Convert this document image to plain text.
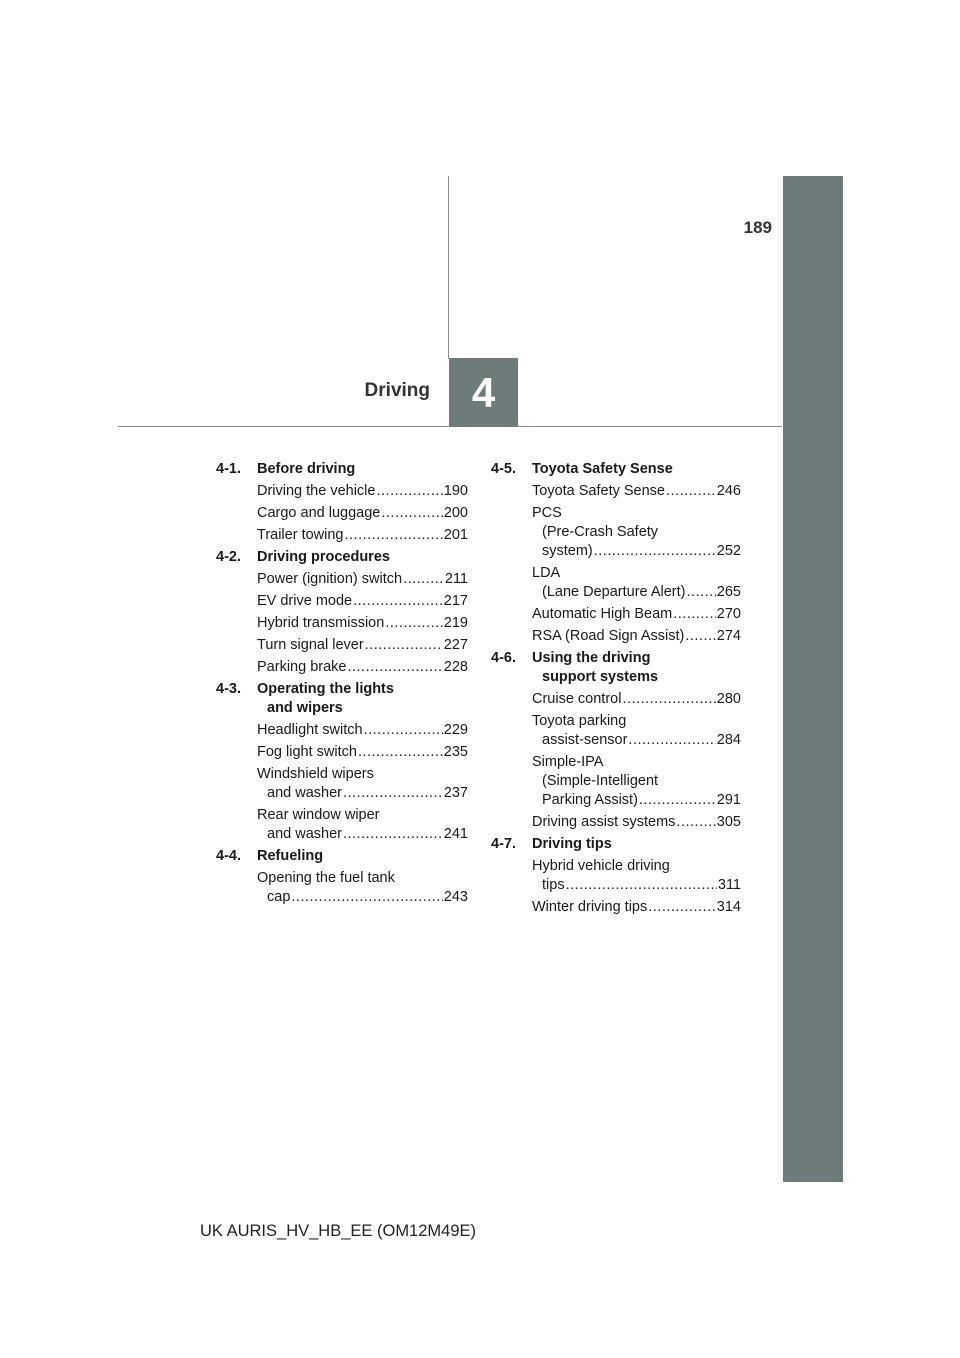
189
Driving 4
4-1.	Before driving
Driving the vehicle .....	190
Cargo and luggage .....	200
Trailer towing .....	201
4-2.	Driving procedures
Power (ignition) switch .....	211
EV drive mode .....	217
Hybrid transmission .....	219
Turn signal lever .....	227
Parking brake .....	228
4-3.	Operating the lights

and wipers
Headlight switch .....	229
Fog light switch .....	235
Windshield wipers
and washer .....	237
Rear window wiper
and washer .....	241
4-4.	Refueling
Opening the fuel tank
cap .....	243
4-5.	Toyota Safety Sense
Toyota Safety Sense .....	246
PCS
(Pre-Crash Safety
system) .....	252
LDA
(Lane Departure Alert) ..... 265
Automatic High Beam .....	270
RSA (Road Sign Assist) ..... 274
4-6.	Using the driving

support systems
Cruise control .....	280
Toyota parking
assist-sensor .....	284
Simple-IPA
(Simple-Intelligent
Parking Assist) .....	291
Driving assist systems .....	305
4-7.	Driving tips
Hybrid vehicle driving
tips .....	311
Winter driving tips .....	314
UK AURIS_HV_HB_EE (OM12M49E)
